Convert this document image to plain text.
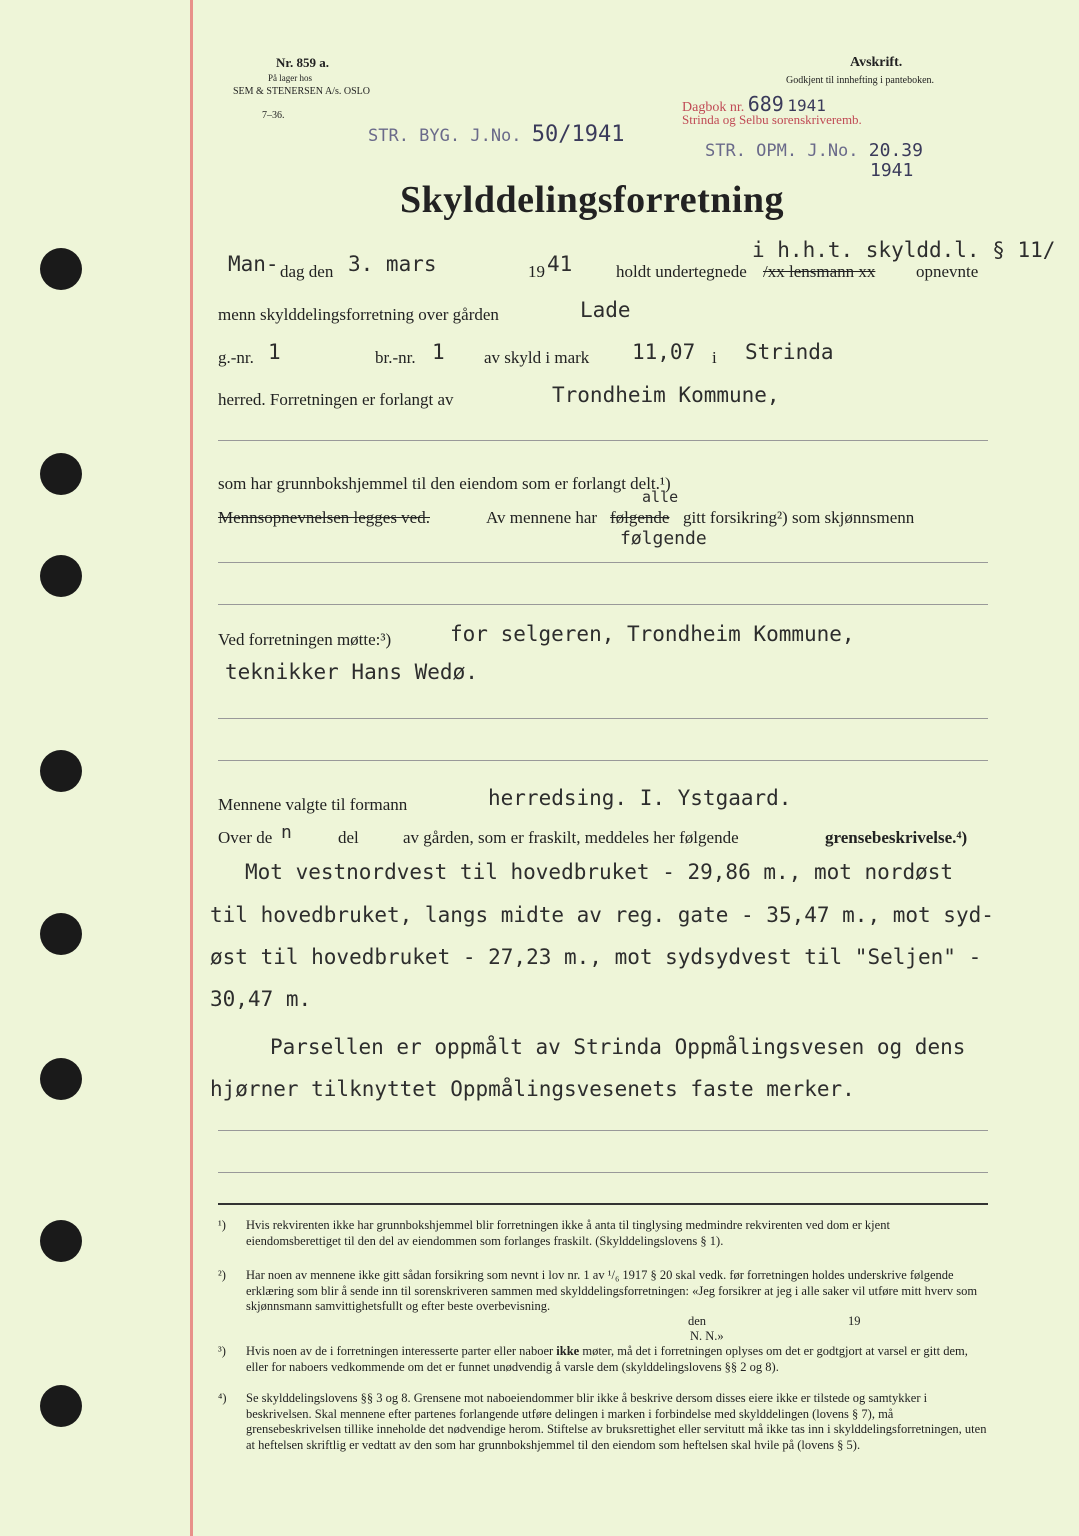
Nr. 859 a.
På lager hos
SEM & STENERSEN A/s. OSLO
7–36.
Avskrift.
Godkjent til innhefting i panteboken.
Dagbok nr. 689 1941
Strinda og Selbu sorenskriveremb.
STR. BYG. J.No. 50/1941
STR. OPM. J.No. 20.39
1941
Skylddelingsforretning
i h.h.t. skyldd.l. § 11/
Man- dag den 3. mars	19 41	holdt undertegnede /xx lensmann xx opnevnte
menn skylddelingsforretning over gården	Lade
g.-nr. 1	br.-nr. 1 av skyld i mark 11,07 i Strinda
herred. Forretningen er forlangt av	Trondheim Kommune,
som har grunnbokshjemmel til den eiendom som er forlangt delt.¹)
Mennsopnevnelsen legges ved.	Av mennene har
alle
følgende gitt forsikring²) som skjønnsmenn
følgende
Ved forretningen møtte:³)	for selgeren, Trondheim Kommune,
teknikker Hans Wedø.
Mennene valgte til formann	herredsing. I. Ystgaard.
Over de n	del	av gården, som er fraskilt, meddeles her følgende	grensebeskrivelse.⁴)
Mot vestnordvest til hovedbruket - 29,86 m., mot nordøst
til hovedbruket, langs midte av reg. gate - 35,47 m., mot syd-
øst til hovedbruket - 27,23 m., mot sydsydvest til "Seljen" -
30,47 m.
Parsellen er oppmålt av Strinda Oppmålingsvesen og dens
hjørner tilknyttet Oppmålingsvesenets faste merker.
¹) Hvis rekvirenten ikke har grunnbokshjemmel blir forretningen ikke å anta til tinglysing medmindre rekvirenten ved dom er kjent eiendomsberettiget til den del av eiendommen som forlanges fraskilt. (Skylddelingslovens § 1).
²) Har noen av mennene ikke gitt sådan forsikring som nevnt i lov nr. 1 av ¹/₆ 1917 § 20 skal vedk. før forretningen holdes underskrive følgende erklæring som blir å sende inn til sorenskriveren sammen med skylddelingsforretningen: «Jeg forsikrer at jeg i alle saker vil utføre mitt hverv som skjønnsmann samvittighetsfullt og efter beste overbevisning.
den	19
N. N.»
³) Hvis noen av de i forretningen interesserte parter eller naboer ikke møter, må det i forretningen oplyses om det er godtgjort at varsel er gitt dem, eller for naboers vedkommende om det er funnet unødvendig å varsle dem (skylddelingslovens §§ 2 og 8).
⁴) Se skylddelingslovens §§ 3 og 8. Grensene mot naboeiendommer blir ikke å beskrive dersom disses eiere ikke er tilstede og samtykker i beskrivelsen. Skal mennene efter partenes forlangende utføre delingen i marken i forbindelse med skylddelingen (lovens § 7), må grensebeskrivelsen tillike inneholde det nødvendige herom. Stiftelse av bruksrettighet eller servitutt må ikke tas inn i skylddelingsforretningen, uten at heftelsen skriftlig er vedtatt av den som har grunnbokshjemmel til den eiendom som heftelsen skal hvile på (lovens § 5).
